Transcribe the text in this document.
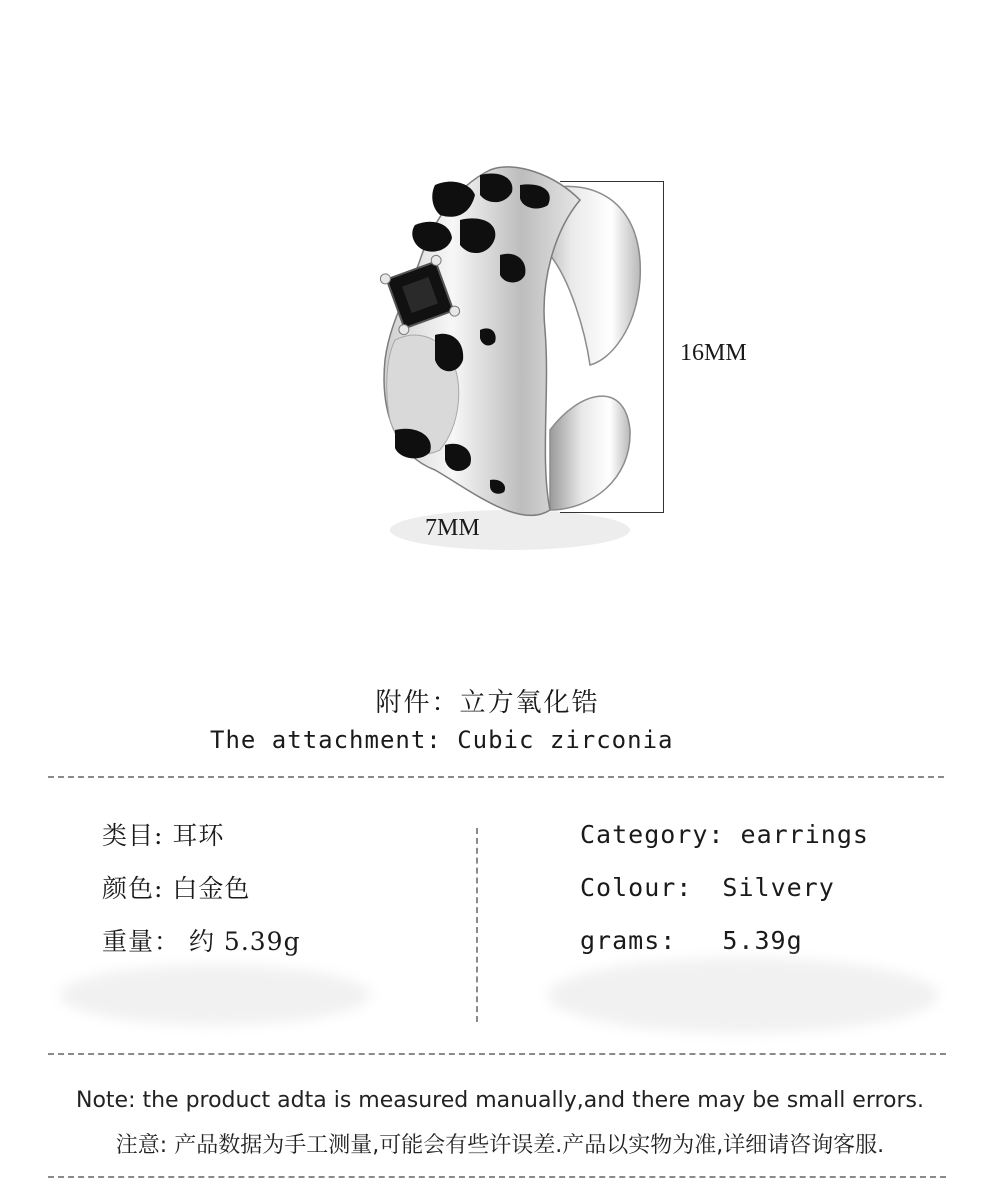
16MM
7MM
附件：立方氧化锆
The attachment: Cubic zirconia
类目: 耳环
颜色: 白金色
重量： 约 5.39g
Category: earrings
Colour: Silvery
grams: 5.39g
Note: the product adta is measured manually,and there may be small errors.
注意: 产品数据为手工测量,可能会有些许误差.产品以实物为准,详细请咨询客服.
